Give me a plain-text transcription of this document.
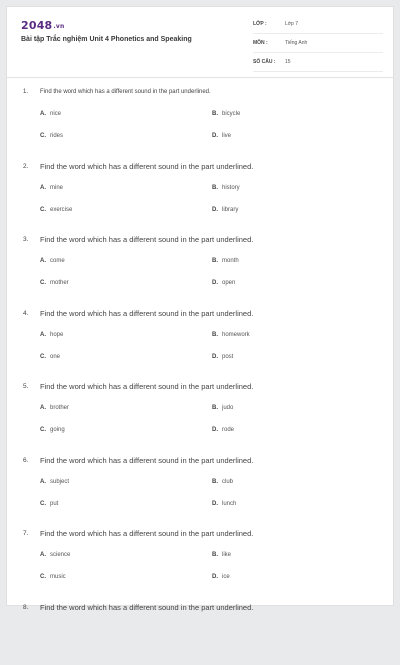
2048.vn
Bài tập Trắc nghiệm Unit 4 Phonetics and Speaking
LỚP :	Lớp 7
MÔN :	Tiếng Anh
SỐ CÂU : 15
1. Find the word which has a different sound in the part underlined.
A. nice	B. bicycle
C. rides	D. live
2. Find the word which has a different sound in the part underlined.
A. mine	B. history
C. exercise	D. library
3. Find the word which has a different sound in the part underlined.
A. come	B. month
C. mother	D. open
4. Find the word which has a different sound in the part underlined.
A. hope	B. homework
C. one	D. post
5. Find the word which has a different sound in the part underlined.
A. brother	B. judo
C. going	D. rode
6. Find the word which has a different sound in the part underlined.
A. subject	B. club
C. put	D. lunch
7. Find the word which has a different sound in the part underlined.
A. science	B. like
C. music	D. ice
8. Find the word which has a different sound in the part underlined.
